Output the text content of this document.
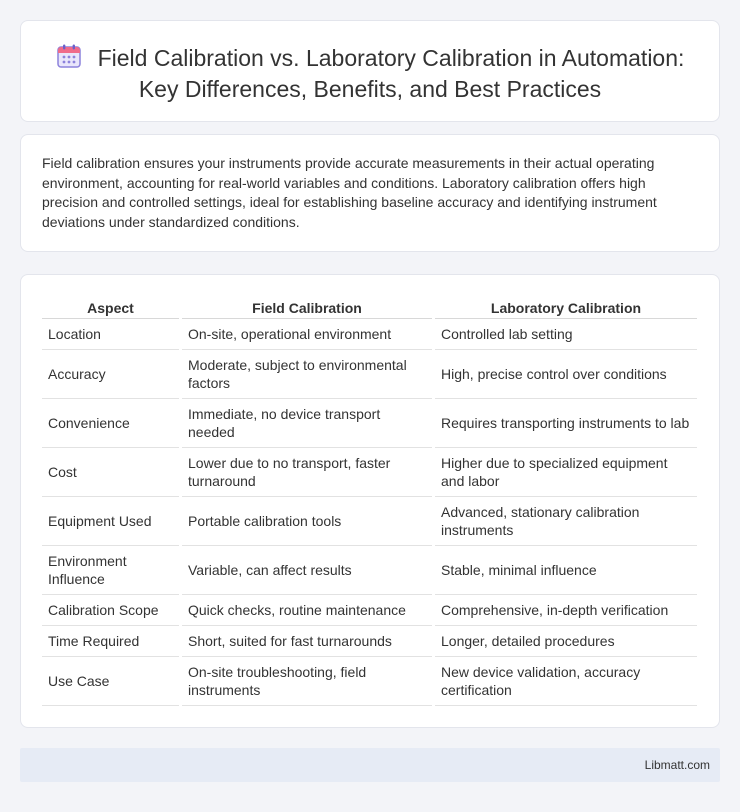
Field Calibration vs. Laboratory Calibration in Automation: Key Differences, Benefits, and Best Practices

Field calibration ensures your instruments provide accurate measurements in their actual operating environment, accounting for real-world variables and conditions. Laboratory calibration offers high precision and controlled settings, ideal for establishing baseline accuracy and identifying instrument deviations under standardized conditions.

Aspect	Field Calibration	Laboratory Calibration
Location	On-site, operational environment	Controlled lab setting
Accuracy	Moderate, subject to environmental factors	High, precise control over conditions
Convenience	Immediate, no device transport needed	Requires transporting instruments to lab
Cost	Lower due to no transport, faster turnaround	Higher due to specialized equipment and labor
Equipment Used	Portable calibration tools	Advanced, stationary calibration instruments
Environment Influence	Variable, can affect results	Stable, minimal influence
Calibration Scope	Quick checks, routine maintenance	Comprehensive, in-depth verification
Time Required	Short, suited for fast turnarounds	Longer, detailed procedures
Use Case	On-site troubleshooting, field instruments	New device validation, accuracy certification
Libmatt.com
